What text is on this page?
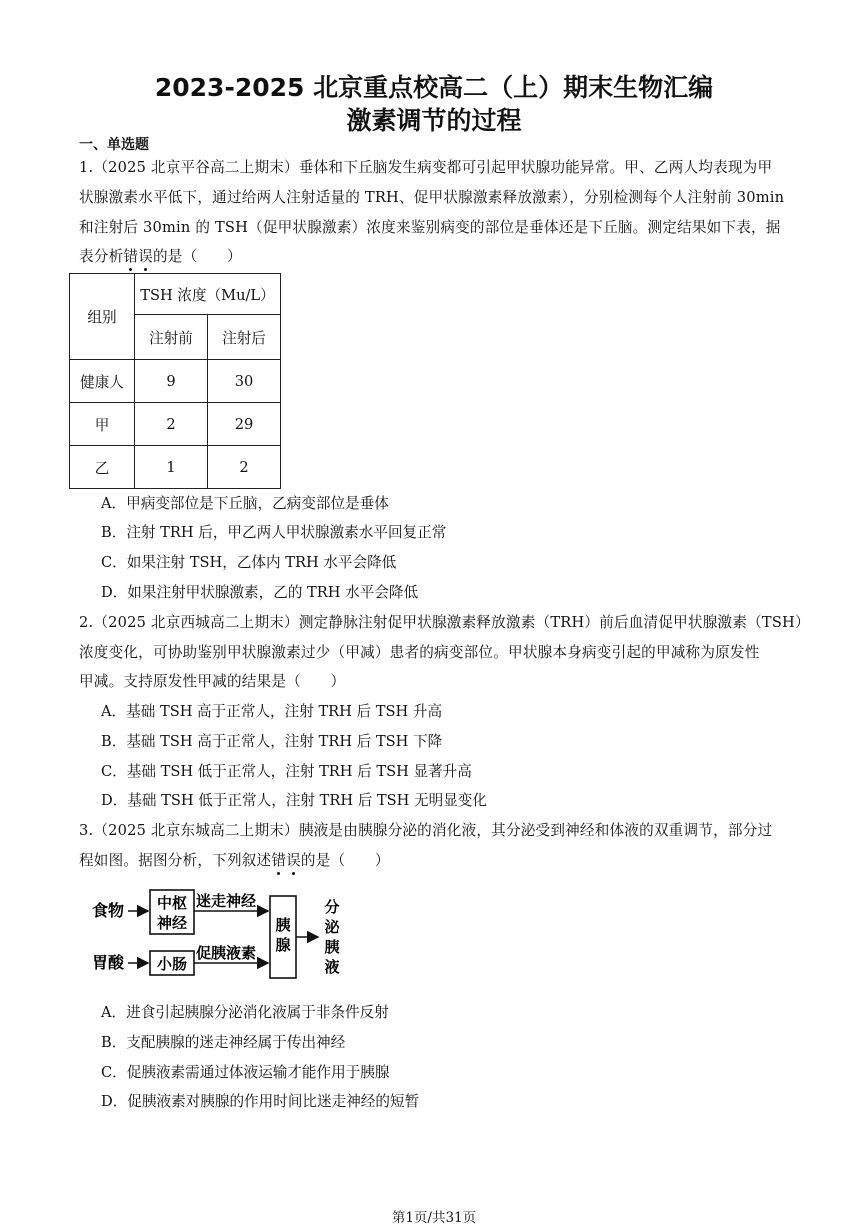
2023-2025 北京重点校高二（上）期末生物汇编
激素调节的过程
一、单选题
1.（2025 北京平谷高二上期末）垂体和下丘脑发生病变都可引起甲状腺功能异常。甲、乙两人均表现为甲
状腺激素水平低下，通过给两人注射适量的 TRH、促甲状腺激素释放激素），分别检测每个人注射前 30min
和注射后 30min 的 TSH（促甲状腺激素）浓度来鉴别病变的部位是垂体还是下丘脑。测定结果如下表，据
表分析错误的是（　　）
组别	TSH 浓度（Mu/L）	
	注射前	注射后
健康人	9	30
甲	2	29
乙	1	2
A．甲病变部位是下丘脑，乙病变部位是垂体
B．注射 TRH 后，甲乙两人甲状腺激素水平回复正常
C．如果注射 TSH，乙体内 TRH 水平会降低
D．如果注射甲状腺激素，乙的 TRH 水平会降低
2.（2025 北京西城高二上期末）测定静脉注射促甲状腺激素释放激素（TRH）前后血清促甲状腺激素（TSH）
浓度变化，可协助鉴别甲状腺激素过少（甲减）患者的病变部位。甲状腺本身病变引起的甲减称为原发性
甲减。支持原发性甲减的结果是（　　）
A．基础 TSH 高于正常人，注射 TRH 后 TSH 升高
B．基础 TSH 高于正常人，注射 TRH 后 TSH 下降
C．基础 TSH 低于正常人，注射 TRH 后 TSH 显著升高
D．基础 TSH 低于正常人，注射 TRH 后 TSH 无明显变化
3.（2025 北京东城高二上期末）胰液是由胰腺分泌的消化液，其分泌受到神经和体液的双重调节，部分过
程如图。据图分析，下列叙述错误的是（　　）
食物 中枢
神经
迷走神经
胃酸 小肠
促胰液素
胰
腺
分
泌
胰
液
A．进食引起胰腺分泌消化液属于非条件反射
B．支配胰腺的迷走神经属于传出神经
C．促胰液素需通过体液运输才能作用于胰腺
D．促胰液素对胰腺的作用时间比迷走神经的短暂
第1页/共31页
